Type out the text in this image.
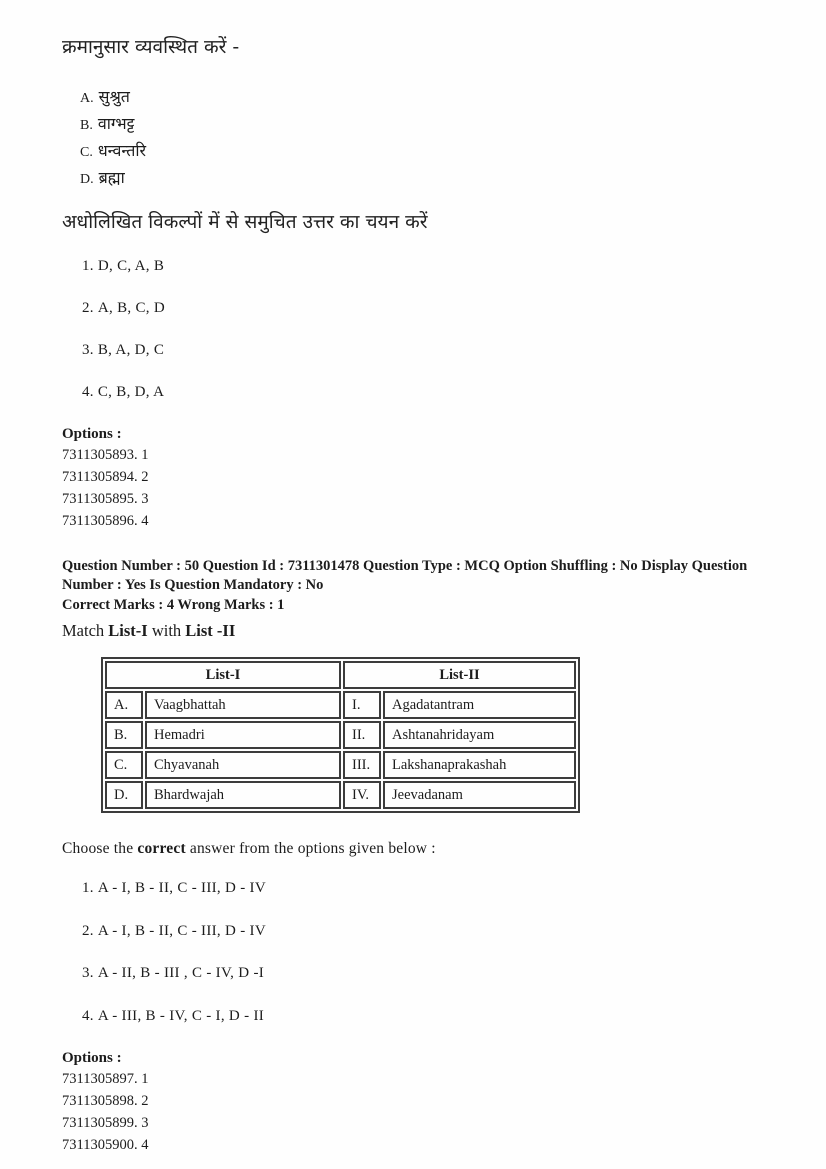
क्रमानुसार व्यवस्थित करें -
A. सुश्रुत
B. वाग्भट्ट
C. धन्वन्तरि
D. ब्रह्मा
अधोलिखित विकल्पों में से समुचित उत्तर का चयन करें
1. D, C, A, B
2. A, B, C, D
3. B, A, D, C
4. C, B, D, A
Options :
7311305893. 1
7311305894. 2
7311305895. 3
7311305896. 4
Question Number : 50 Question Id : 7311301478 Question Type : MCQ Option Shuffling : No Display Question
Number : Yes Is Question Mandatory : No
Correct Marks : 4 Wrong Marks : 1
Match List-I with List -II
List-I		List-II	
A.	Vaagbhattah	I.	Agadatantram
B.	Hemadri	II.	Ashtanahridayam
C.	Chyavanah	III.	Lakshanaprakashah
D.	Bhardwajah	IV.	Jeevadanam
Choose the correct answer from the options given below :
1. A - I, B - II, C - III, D - IV
2. A - I, B - II, C - III, D - IV
3. A - II, B - III , C - IV, D -I
4. A - III, B - IV, C - I, D - II
Options :
7311305897. 1
7311305898. 2
7311305899. 3
7311305900. 4
